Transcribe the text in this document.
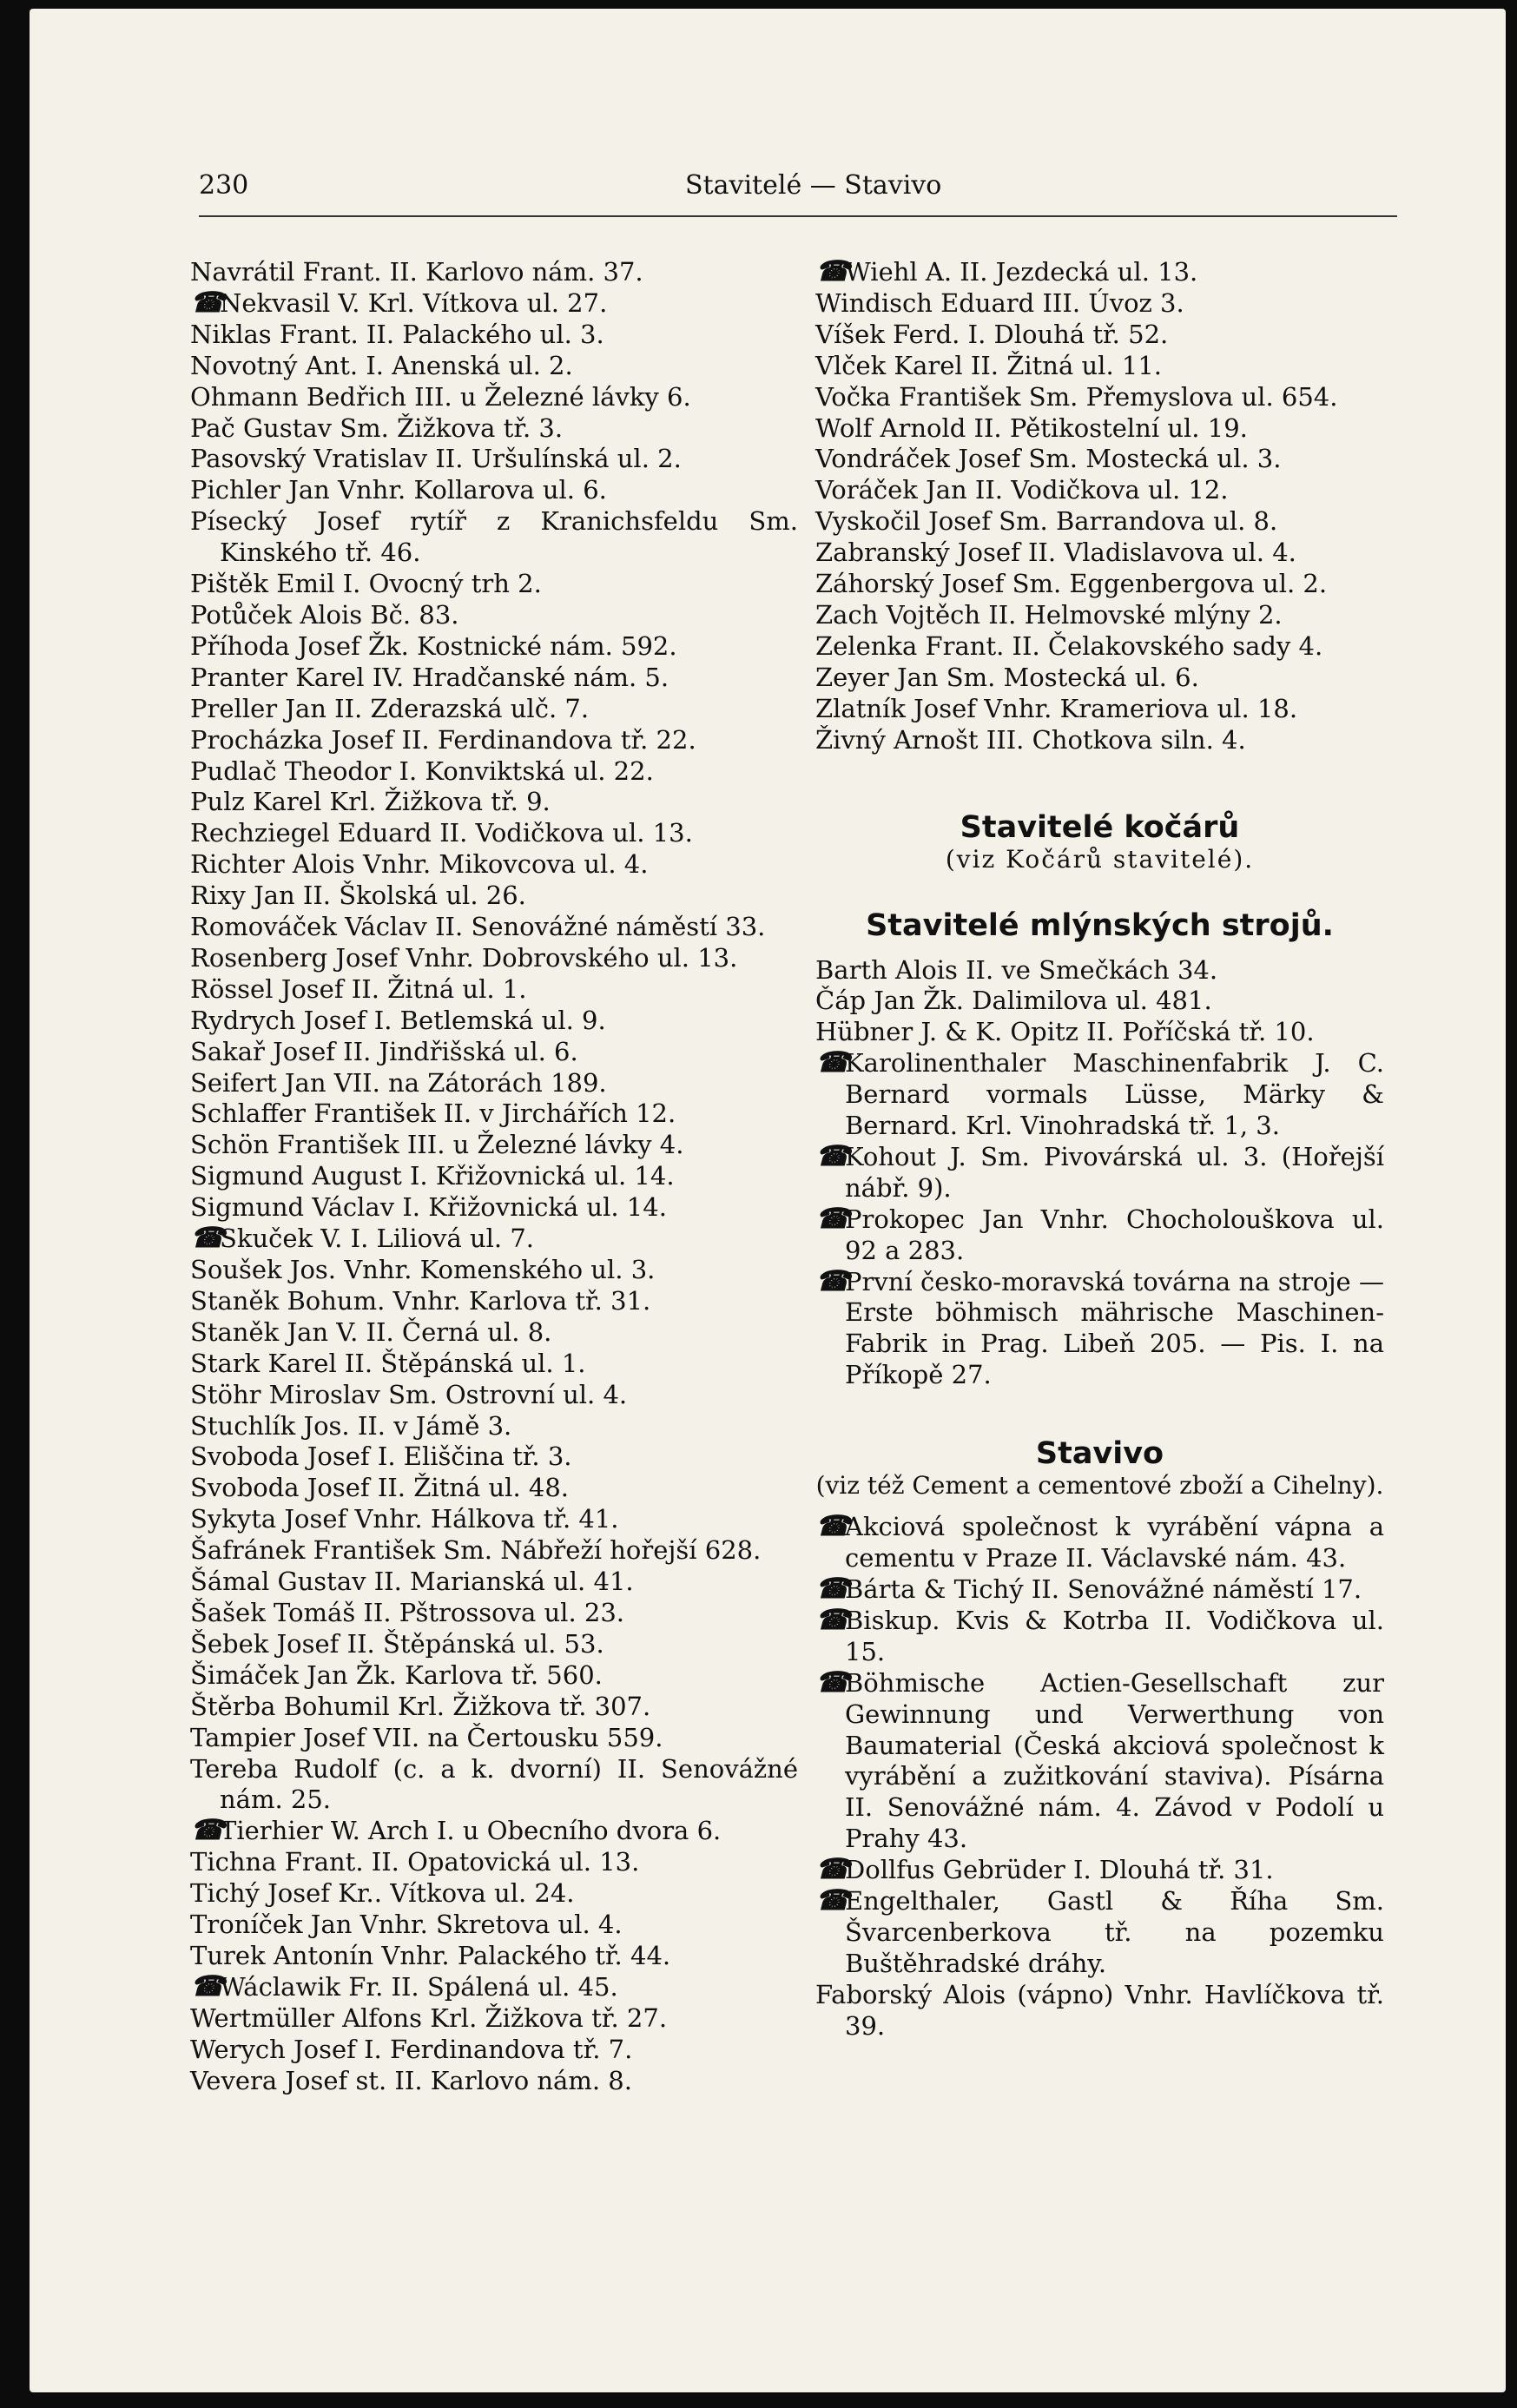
230	Stavitelé — Stavivo

Navrátil Frant. II. Karlovo nám. 37.

☎Nekvasil V. Krl. Vítkova ul. 27.

Niklas Frant. II. Palackého ul. 3.

Novotný Ant. I. Anenská ul. 2.

Ohmann Bedřich III. u Železné lávky 6.

Pač Gustav Sm. Žižkova tř. 3.

Pasovský Vratislav II. Uršulínská ul. 2.

Pichler Jan Vnhr. Kollarova ul. 6.

Písecký Josef rytíř z Kranichsfeldu Sm. Kinského tř. 46.

Pištěk Emil I. Ovocný trh 2.

Potůček Alois Bč. 83.

Příhoda Josef Žk. Kostnické nám. 592.

Pranter Karel IV. Hradčanské nám. 5.

Preller Jan II. Zderazská ulč. 7.

Procházka Josef II. Ferdinandova tř. 22.

Pudlač Theodor I. Konviktská ul. 22.

Pulz Karel Krl. Žižkova tř. 9.

Rechziegel Eduard II. Vodičkova ul. 13.

Richter Alois Vnhr. Mikovcova ul. 4.

Rixy Jan II. Školská ul. 26.

Romováček Václav II. Senovážné náměstí 33.

Rosenberg Josef Vnhr. Dobrovského ul. 13.

Rössel Josef II. Žitná ul. 1.

Rydrych Josef I. Betlemská ul. 9.

Sakař Josef II. Jindřišská ul. 6.

Seifert Jan VII. na Zátorách 189.

Schlaffer František II. v Jirchářích 12.

Schön František III. u Železné lávky 4.

Sigmund August I. Křižovnická ul. 14.

Sigmund Václav I. Křižovnická ul. 14.

☎Skuček V. I. Liliová ul. 7.

Soušek Jos. Vnhr. Komenského ul. 3.

Staněk Bohum. Vnhr. Karlova tř. 31.

Staněk Jan V. II. Černá ul. 8.

Stark Karel II. Štěpánská ul. 1.

Stöhr Miroslav Sm. Ostrovní ul. 4.

Stuchlík Jos. II. v Jámě 3.

Svoboda Josef I. Eliščina tř. 3.

Svoboda Josef II. Žitná ul. 48.

Sykyta Josef Vnhr. Hálkova tř. 41.

Šafránek František Sm. Nábřeží hořejší 628.

Šámal Gustav II. Marianská ul. 41.

Šašek Tomáš II. Pštrossova ul. 23.

Šebek Josef II. Štěpánská ul. 53.

Šimáček Jan Žk. Karlova tř. 560.

Štěrba Bohumil Krl. Žižkova tř. 307.

Tampier Josef VII. na Čertousku 559.

Tereba Rudolf (c. a k. dvorní) II. Senovážné nám. 25.

☎Tierhier W. Arch I. u Obecního dvora 6.

Tichna Frant. II. Opatovická ul. 13.

Tichý Josef Kr.. Vítkova ul. 24.

Troníček Jan Vnhr. Skretova ul. 4.

Turek Antonín Vnhr. Palackého tř. 44.

☎Wáclawik Fr. II. Spálená ul. 45.

Wertmüller Alfons Krl. Žižkova tř. 27.

Werych Josef I. Ferdinandova tř. 7.

Vevera Josef st. II. Karlovo nám. 8.

☎Wiehl A. II. Jezdecká ul. 13.

Windisch Eduard III. Úvoz 3.

Víšek Ferd. I. Dlouhá tř. 52.

Vlček Karel II. Žitná ul. 11.

Vočka František Sm. Přemyslova ul. 654.

Wolf Arnold II. Pětikostelní ul. 19.

Vondráček Josef Sm. Mostecká ul. 3.

Voráček Jan II. Vodičkova ul. 12.

Vyskočil Josef Sm. Barrandova ul. 8.

Zabranský Josef II. Vladislavova ul. 4.

Záhorský Josef Sm. Eggenbergova ul. 2.

Zach Vojtěch II. Helmovské mlýny 2.

Zelenka Frant. II. Čelakovského sady 4.

Zeyer Jan Sm. Mostecká ul. 6.

Zlatník Josef Vnhr. Krameriova ul. 18.

Živný Arnošt III. Chotkova siln. 4.

Stavitelé kočárů

(viz Kočárů stavitelé).

Stavitelé mlýnských strojů.

Barth Alois II. ve Smečkách 34.

Čáp Jan Žk. Dalimilova ul. 481.

Hübner J. & K. Opitz II. Poříčská tř. 10.

☎Karolinenthaler Maschinenfabrik J. C. Bernard vormals Lüsse, Märky & Bernard. Krl. Vinohradská tř. 1, 3.

☎Kohout J. Sm. Pivovárská ul. 3. (Hořejší nábř. 9).

☎Prokopec Jan Vnhr. Chocholouškova ul. 92 a 283.

☎První česko-moravská továrna na stroje — Erste böhmisch mährische Maschinen-Fabrik in Prag. Libeň 205. — Pis. I. na Příkopě 27.

Stavivo

(viz též Cement a cementové zboží a Cihelny).

☎Akciová společnost k vyrábění vápna a cementu v Praze II. Václavské nám. 43.

☎Bárta & Tichý II. Senovážné náměstí 17.

☎Biskup. Kvis & Kotrba II. Vodičkova ul. 15.

☎Böhmische Actien-Gesellschaft zur Gewinnung und Verwerthung von Baumaterial (Česká akciová společnost k vyrábění a zužitkování staviva). Písárna II. Senovážné nám. 4. Závod v Podolí u Prahy 43.

☎Dollfus Gebrüder I. Dlouhá tř. 31.

☎Engelthaler, Gastl & Říha Sm. Švarcenberkova tř. na pozemku Buštěhradské dráhy.

Faborský Alois (vápno) Vnhr. Havlíčkova tř. 39.
